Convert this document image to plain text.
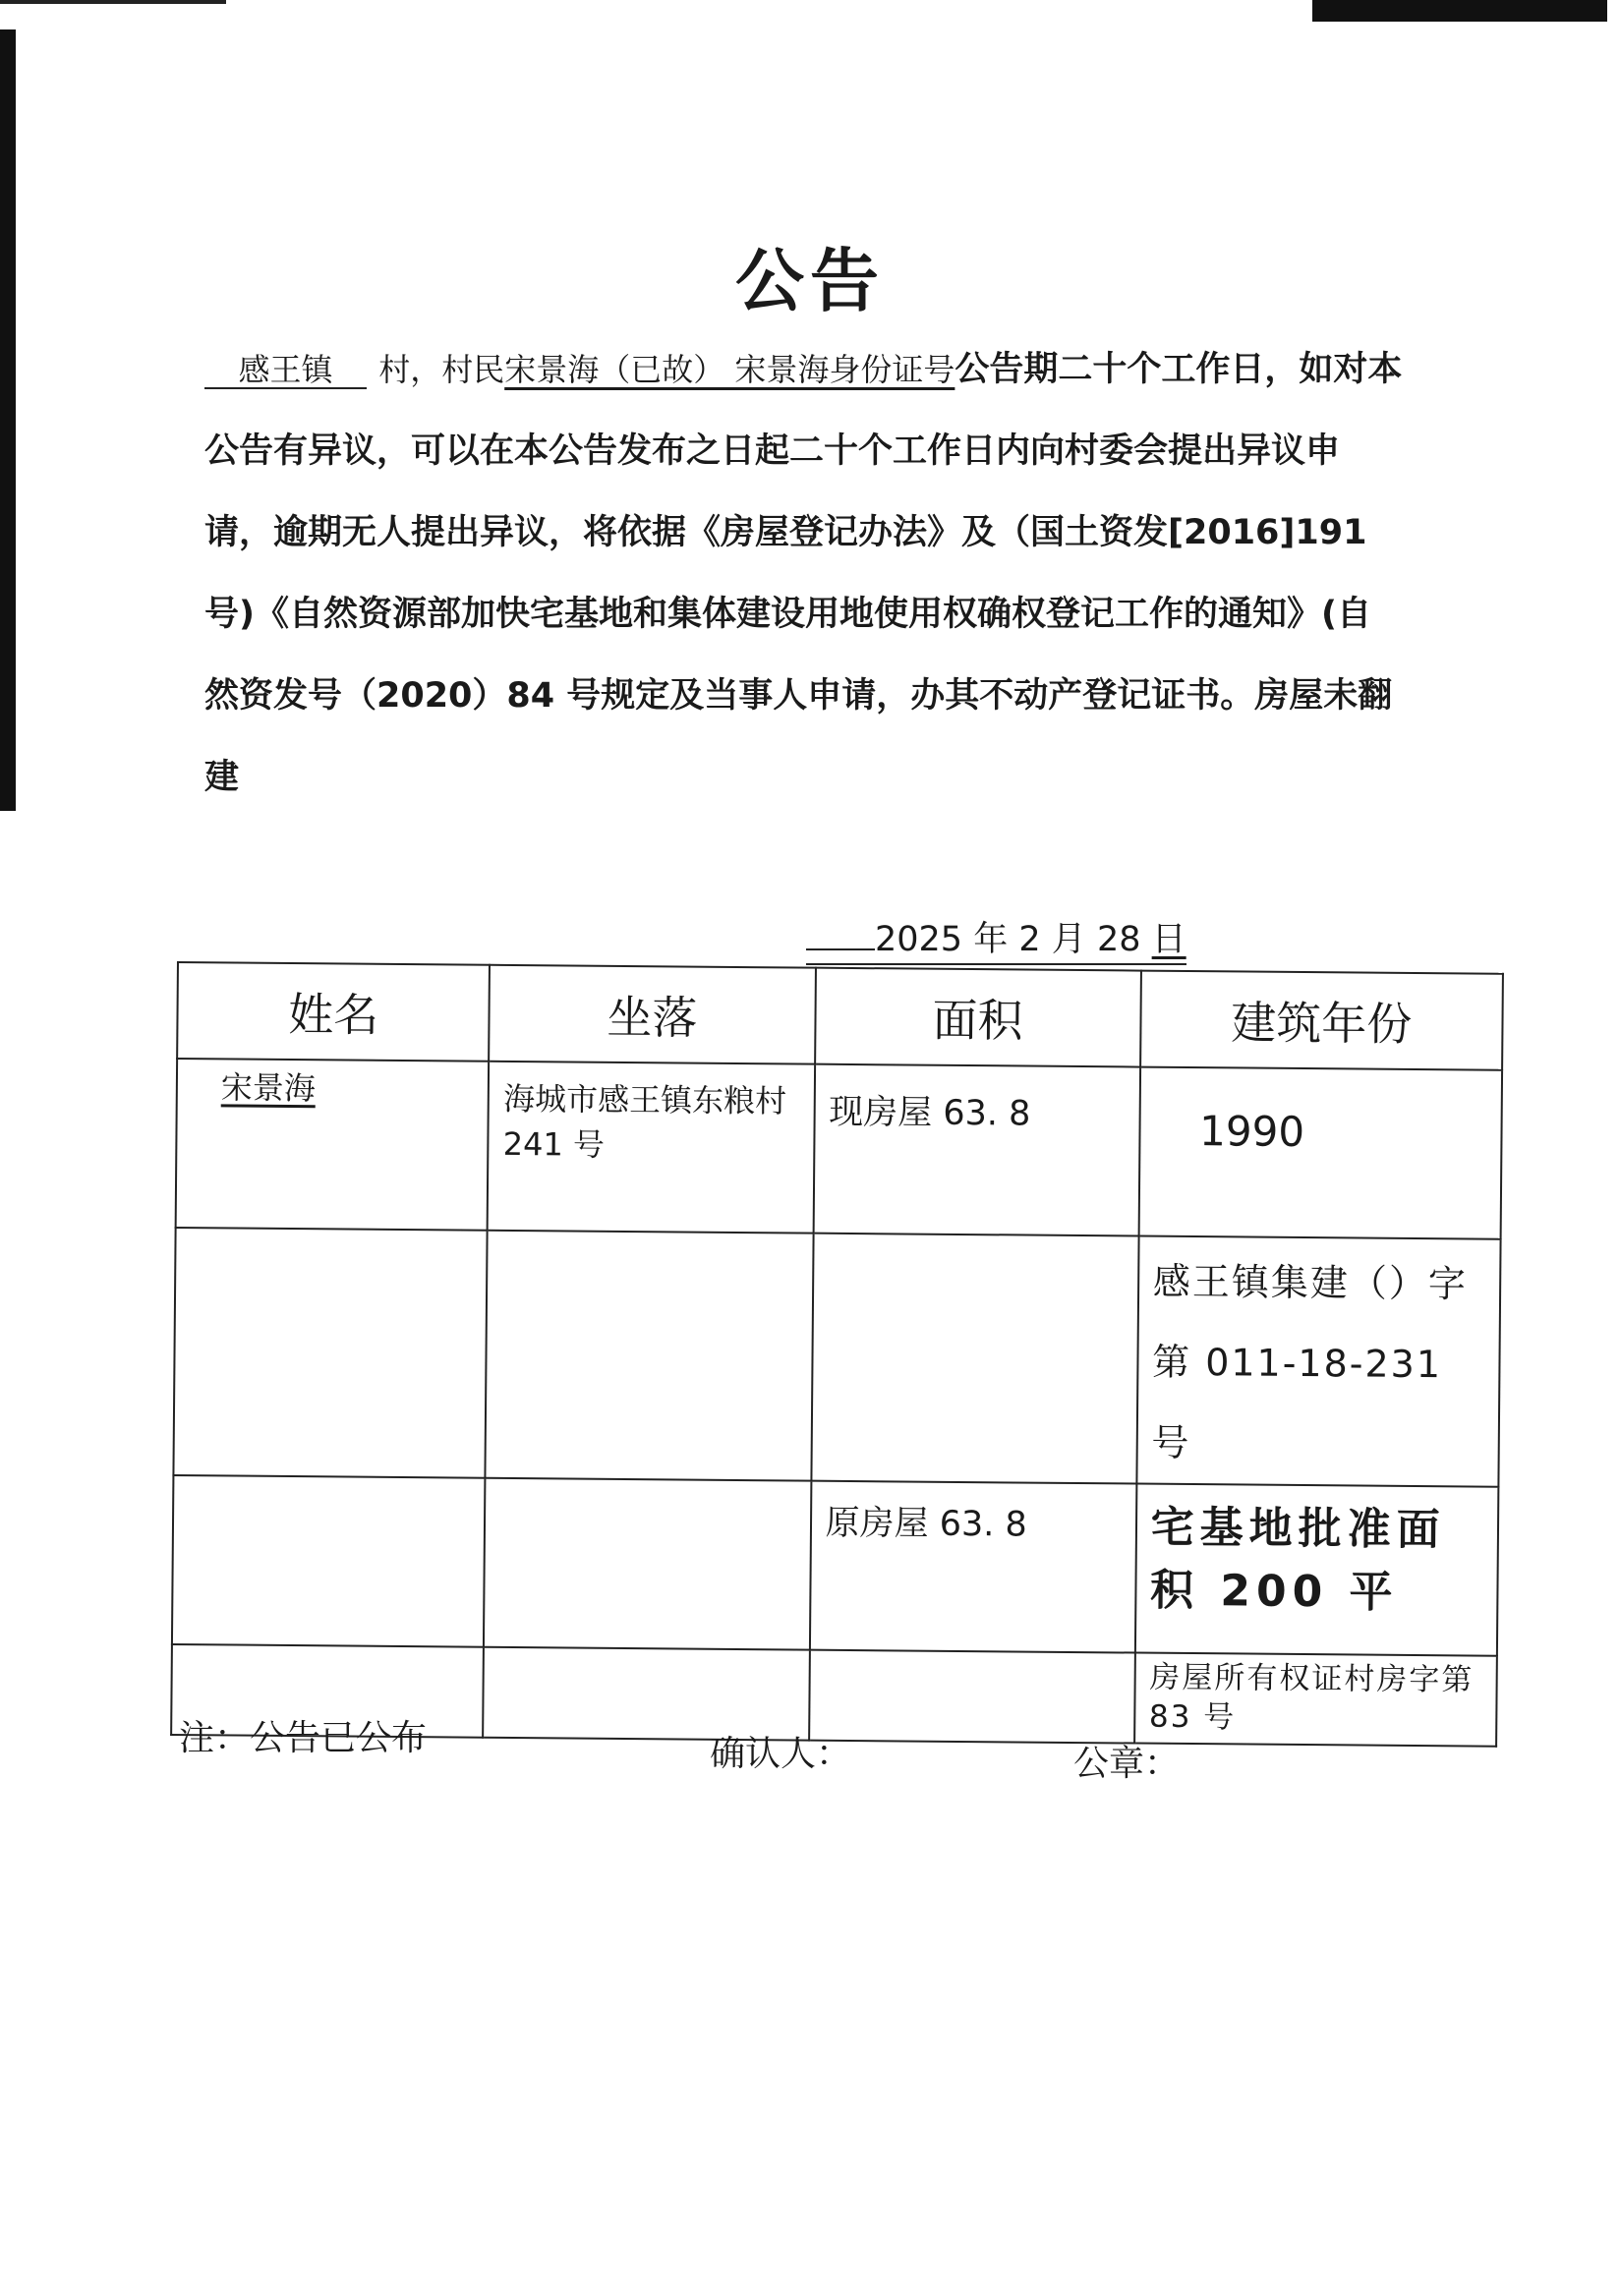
公告
感王镇 村，村民宋景海（已故） 宋景海身份证号公告期二十个工作日，如对本
公告有异议，可以在本公告发布之日起二十个工作日内向村委会提出异议申
请，逾期无人提出异议，将依据《房屋登记办法》及（国土资发[2016]191
号)《自然资源部加快宅基地和集体建设用地使用权确权登记工作的通知》(自
然资发号（2020）84 号规定及当事人申请，办其不动产登记证书。房屋未翻
建
2025 年 2 月 28 日
姓名	坐落	面积	建筑年份

宋景海	海城市感王镇东粮村 241 号	现房屋 63. 8	1990

			感王镇集建（）字第 011-18-231 号

		原房屋 63. 8	宅基地批准面积 200 平

			房屋所有权证村房字第 83 号
注：公告已公布	确认人：	公章：
